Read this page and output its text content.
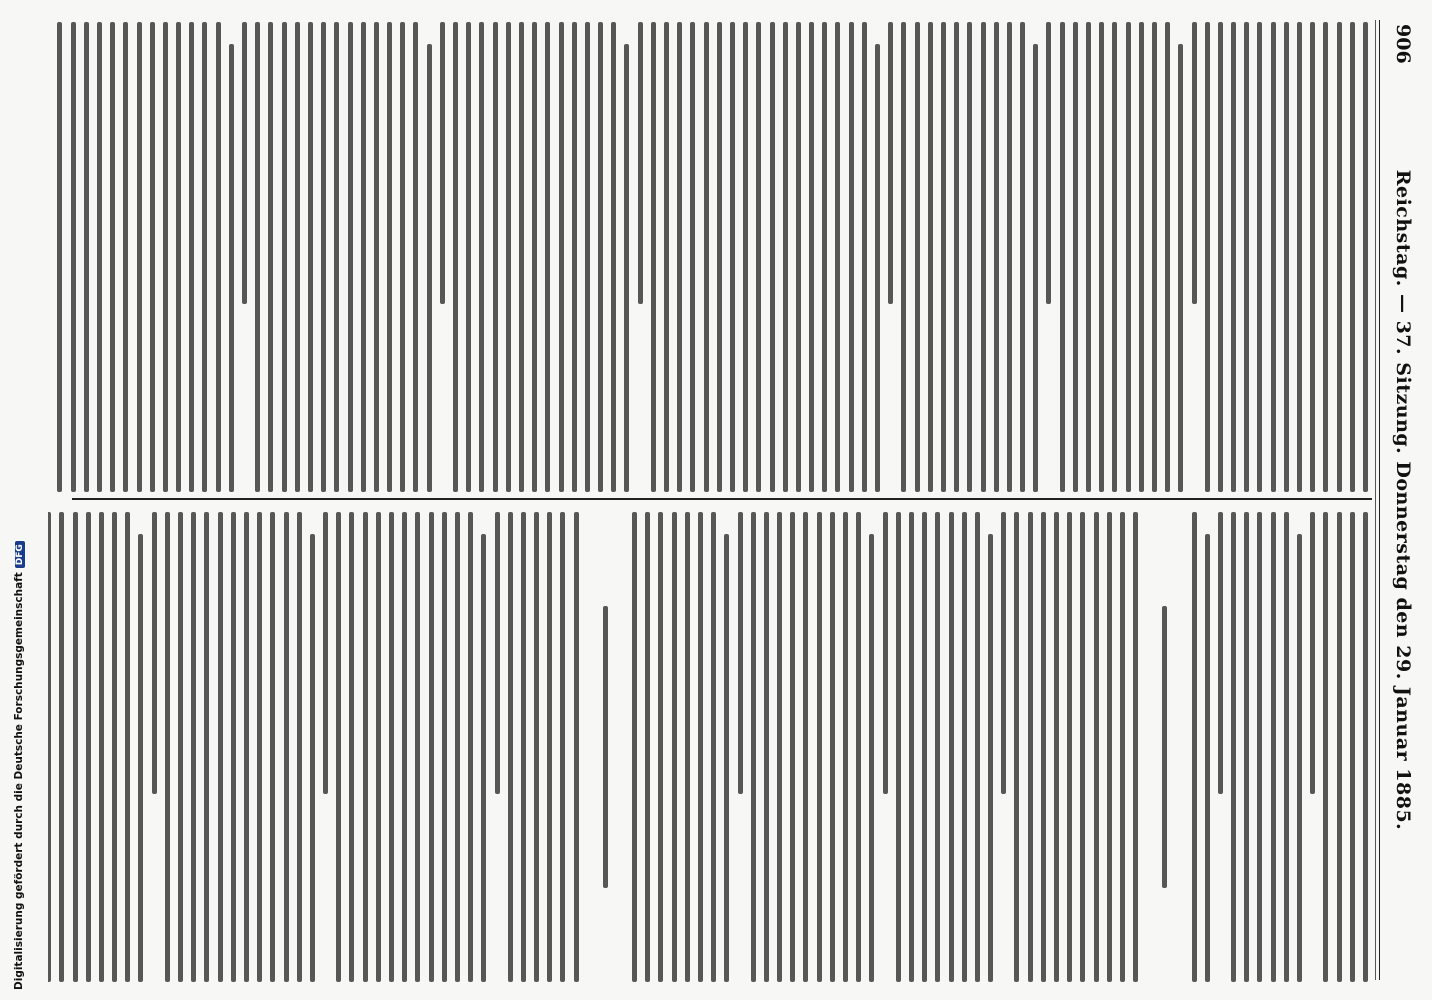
906
Reichstag. — 37. Sitzung. Donnerstag den 29. Januar 1885.
Digitalisierung gefördert durch die Deutsche ForschungsgemeinschaftDFG
